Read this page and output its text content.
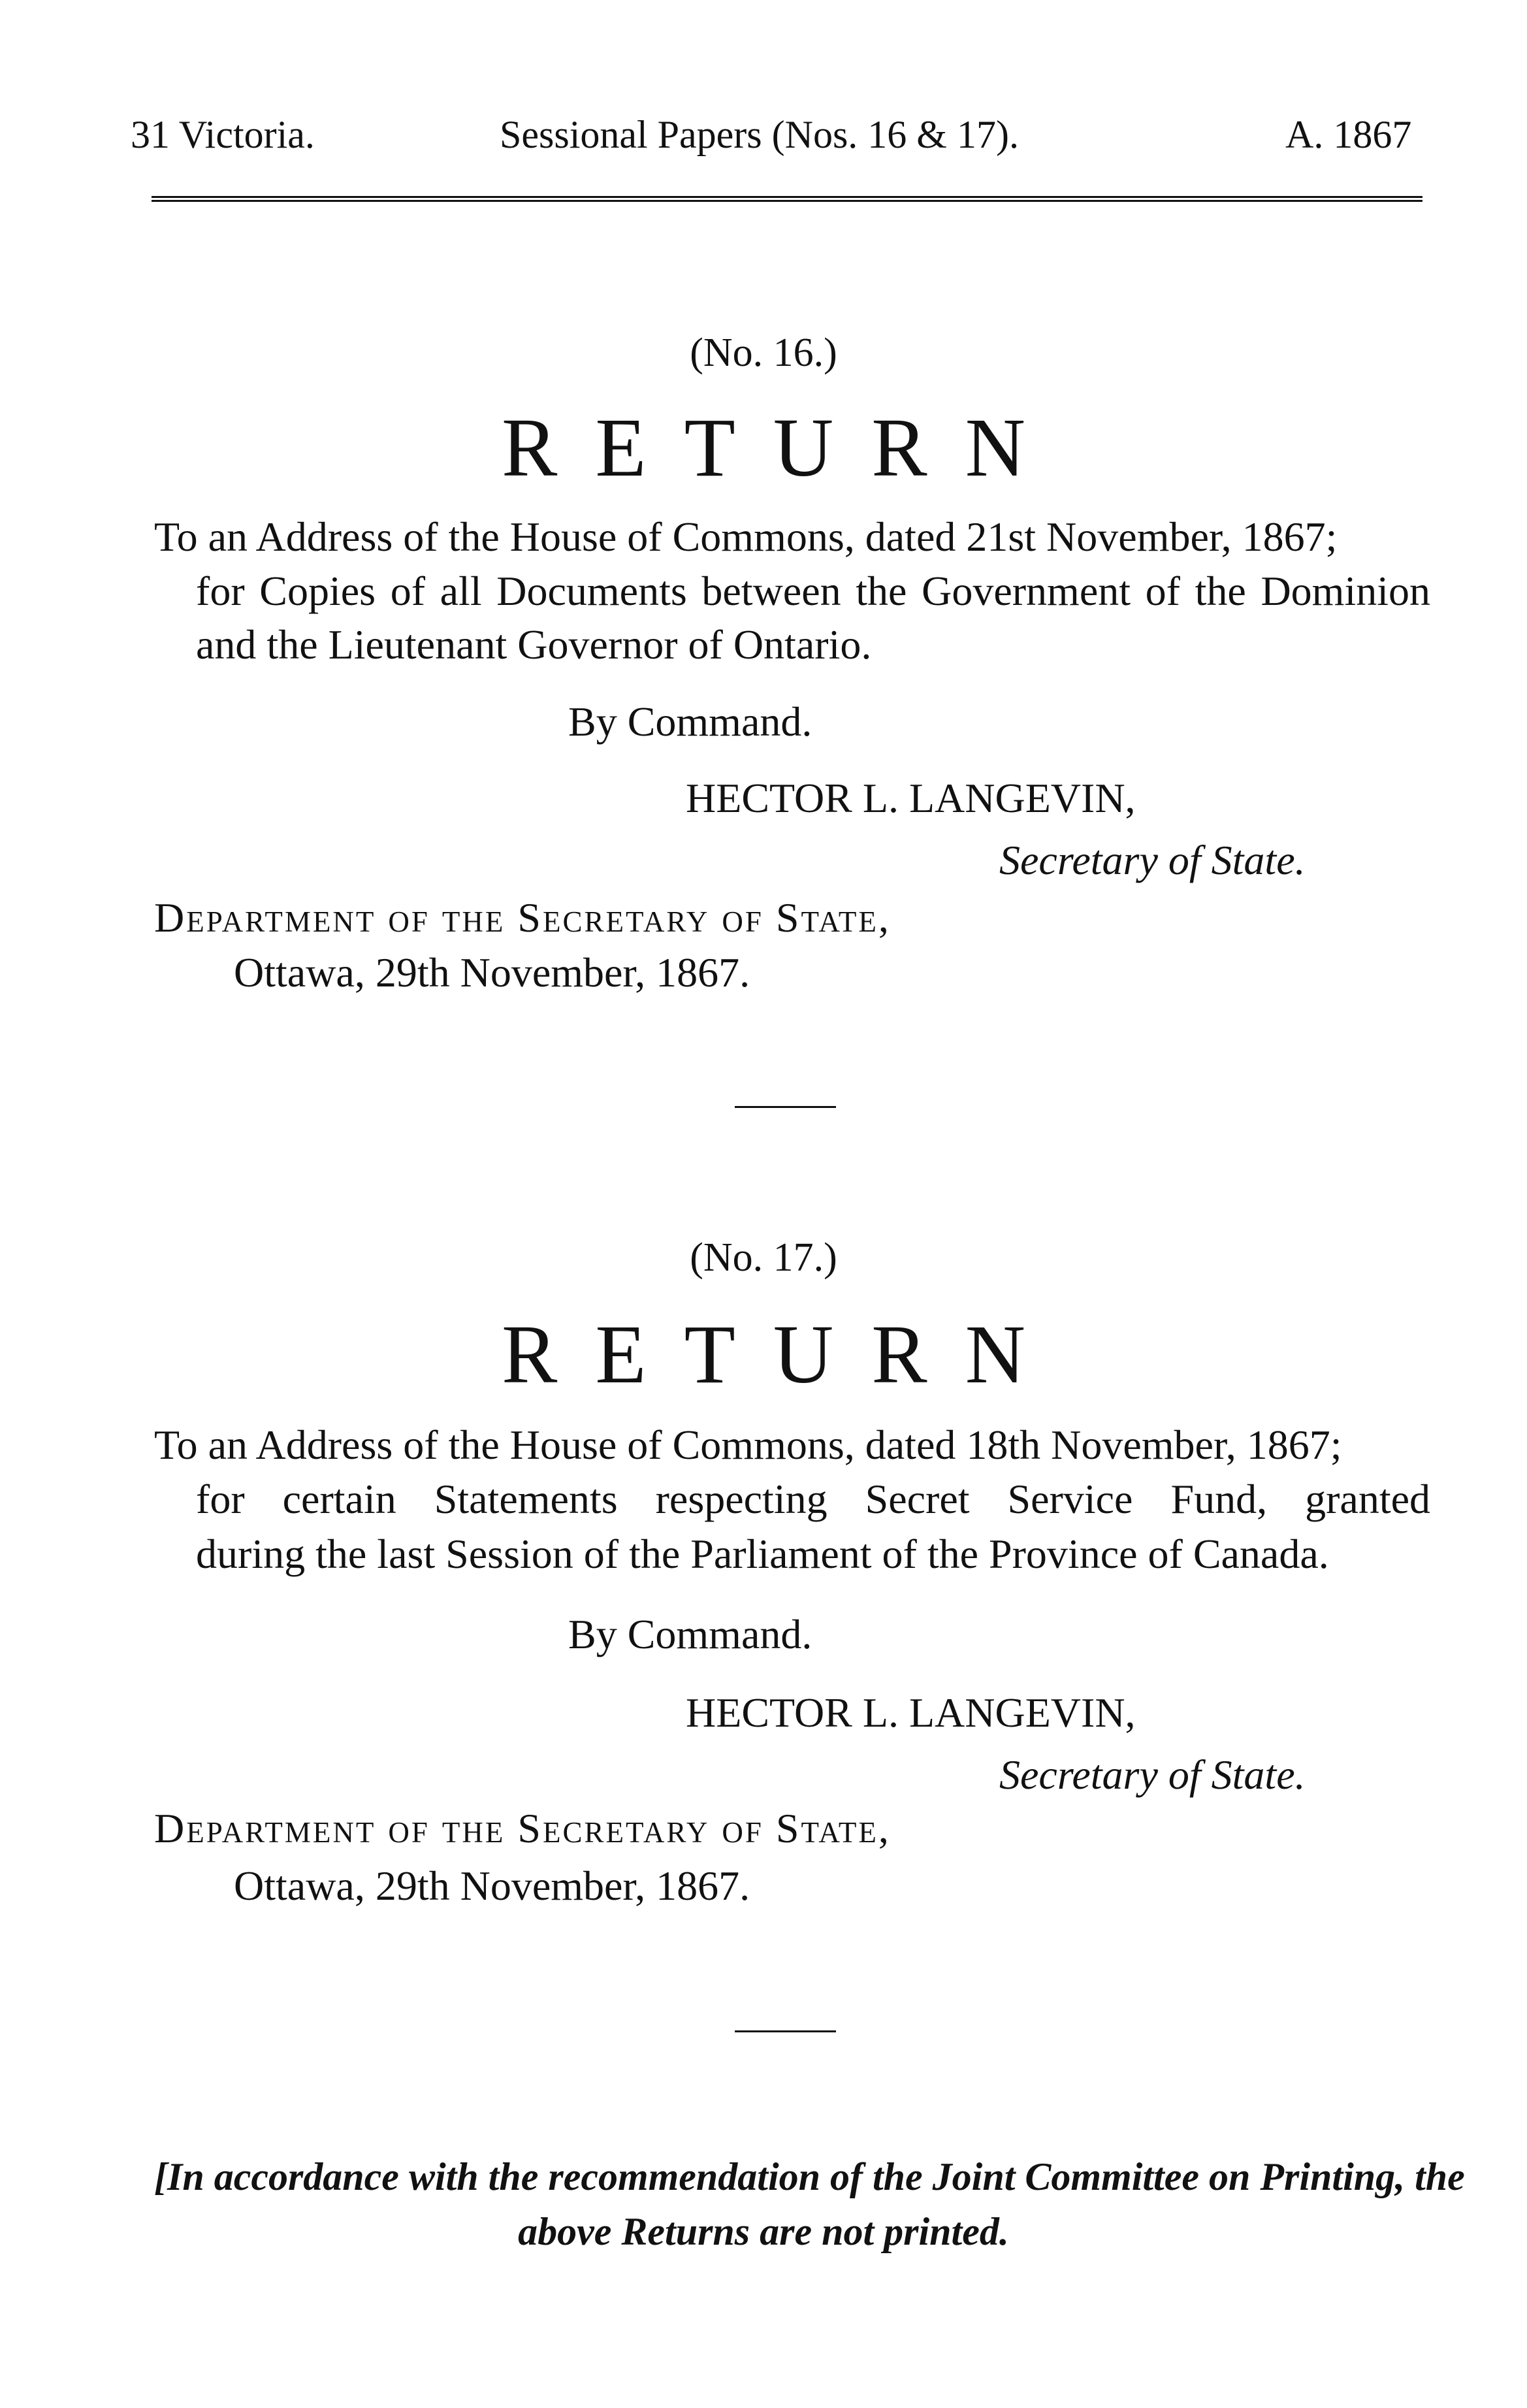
31 Victoria.	Sessional Papers (Nos. 16 & 17).	A. 1867
(No. 16.)
RETURN
To an Address of the House of Commons, dated 21st November, 1867;
for Copies of all Documents between the Government of the Dominion
and the Lieutenant Governor of Ontario.
By Command.
HECTOR L. LANGEVIN,
Secretary of State.
Department of the Secretary of State,
Ottawa, 29th November, 1867.
(No. 17.)
RETURN
To an Address of the House of Commons, dated 18th November, 1867;
for certain Statements respecting Secret Service Fund, granted
during the last Session of the Parliament of the Province of Canada.
By Command.
HECTOR L. LANGEVIN,
Secretary of State.
Department of the Secretary of State,
Ottawa, 29th November, 1867.
[In accordance with the recommendation of the Joint Committee on Printing, the
above Returns are not printed.
